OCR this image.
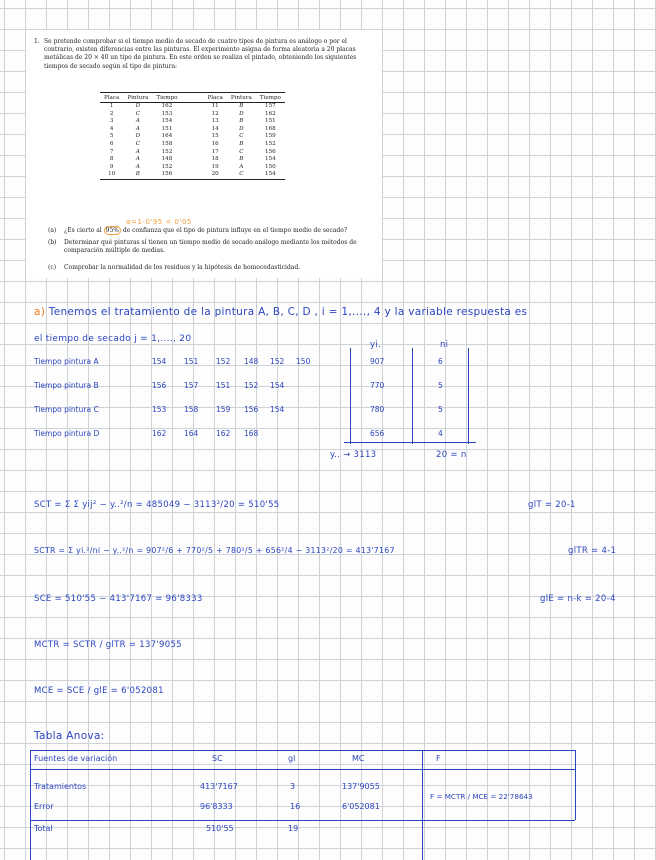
1. Se pretende comprobar si el tiempo medio de secado de cuatro tipos de pintura es análogo o por el contrario, existen diferencias entre las pinturas. El experimento asigna de forma aleatoria a 20 placas metálicas de 20 × 40 un tipo de pintura. En este orden se realiza el pintado, obteniendo los siguientes tiempos de secado según el tipo de pintura:
Placa	Pintura	Tiempo		Placa	Pintura	Tiempo
1	D	162		11	B	157
2	C	153		12	D	162
3	A	154		13	B	151
4	A	151		14	D	168
5	D	164		15	C	159
6	C	158		16	B	152
7	A	152		17	C	156
8	A	148		18	B	154
9	A	152		19	A	150
10	B	156		20	C	154
α=1-0'95 = 0'05
(a) ¿Es cierto al 95% de confianza que el tipo de pintura influye en el tiempo medio de secado?
(b) Determinar qué pinturas sí tienen un tiempo medio de secado análogo mediante los métodos de comparación múltiple de medias.
(c) Comprobar la normalidad de los residuos y la hipótesis de homocedasticidad.
a) Tenemos el tratamiento de la pintura A, B, C, D , i = 1,...., 4 y la variable respuesta es
el tiempo de secado j = 1,...., 20
yi.	ni
Tiempo pintura A	154 151 152 148 152 150	907	6
Tiempo pintura B	156 157 151 152 154	770	5
Tiempo pintura C	153 158 159 156 154	780	5
Tiempo pintura D	162 164 162 168	656	4
y.. → 3113	20 = n
SCT = Σ Σ yij² − y..²/n = 485049 − 3113²/20 = 510'55	glT = 20-1
SCTR = Σ yi.²/ni − y..²/n = 907²/6 + 770²/5 + 780²/5 + 656²/4 − 3113²/20 = 413'7167	glTR = 4-1
SCE = 510'55 − 413'7167 = 96'8333	glE = n-k = 20-4
MCTR = SCTR / glTR = 137'9055
MCE = SCE / glE = 6'052081
Tabla Anova:
Fuentes de variación	SC	gl	MC	F
Tratamientos	413'7167	3	137'9055
Error	96'8333	16	6'052081
Total	510'55	19
F = MCTR / MCE = 22'78643
